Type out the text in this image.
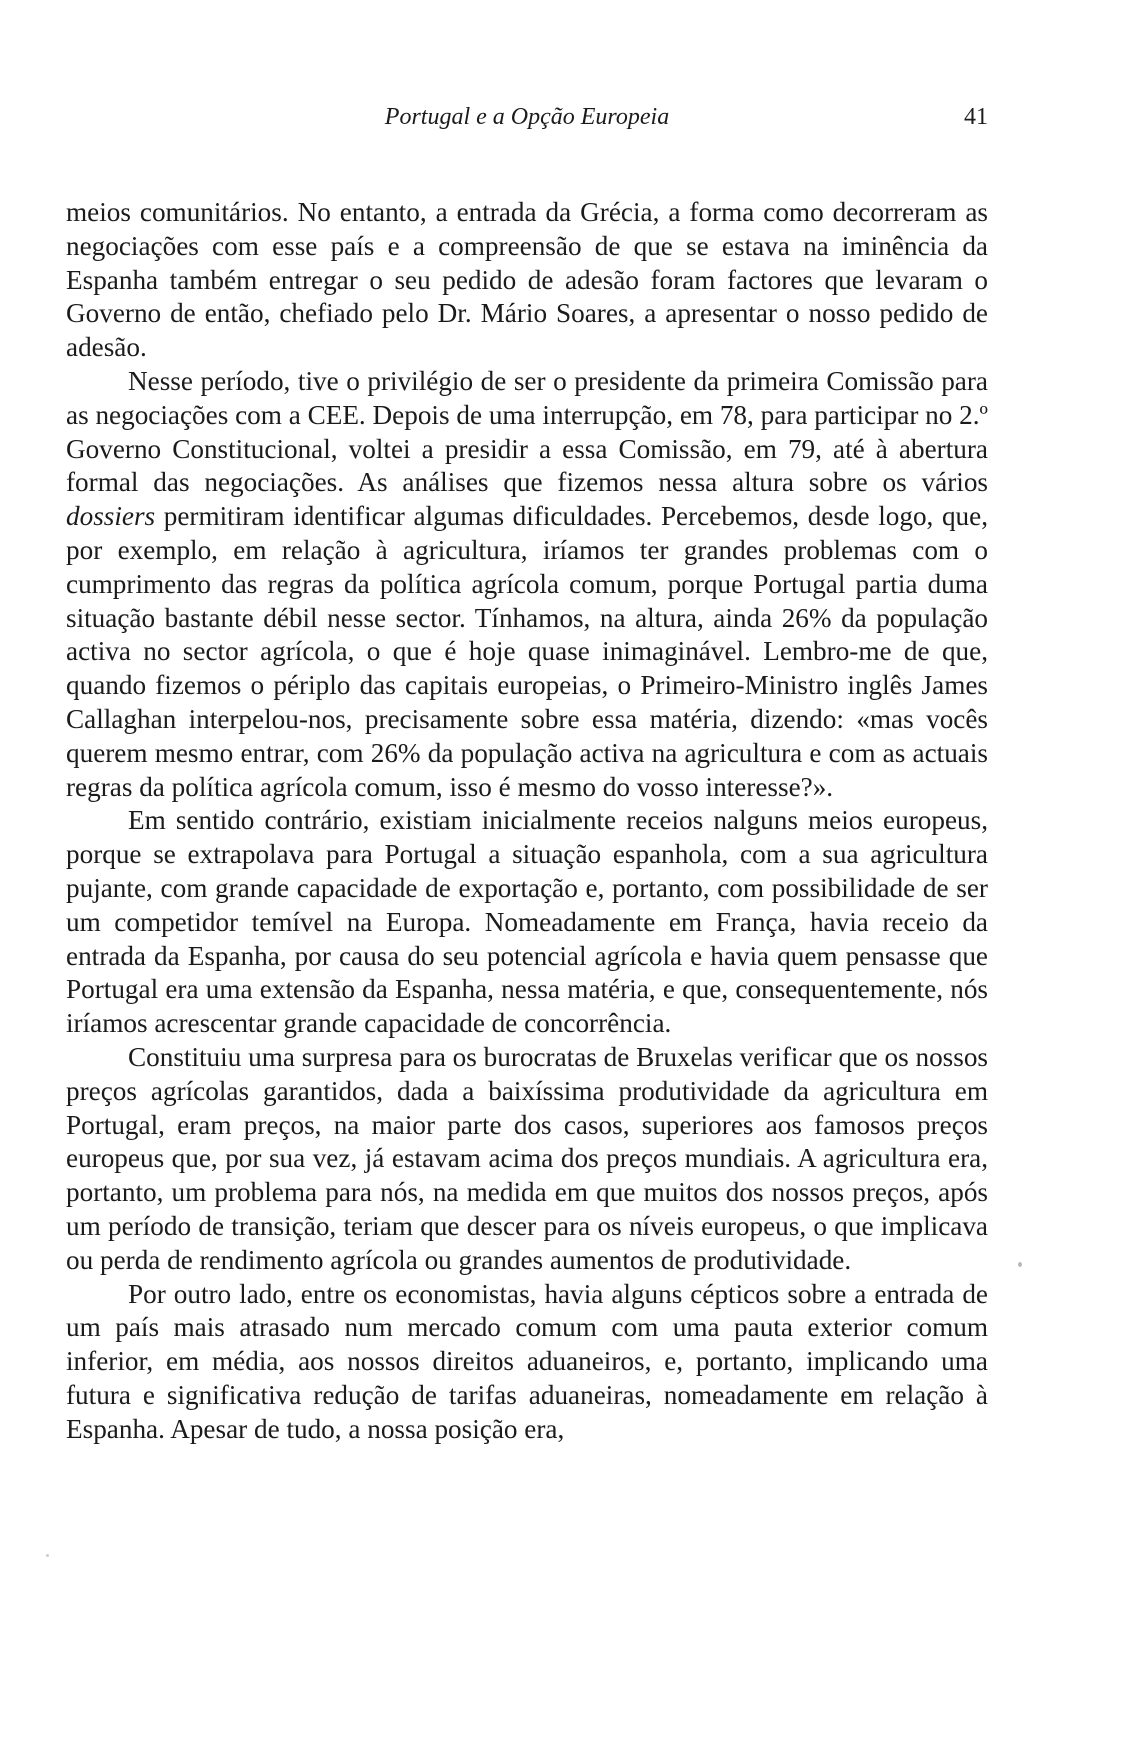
Portugal e a Opção Europeia	41

meios comunitários. No entanto, a entrada da Grécia, a forma como decorreram as negociações com esse país e a compreensão de que se estava na iminência da Espanha também entregar o seu pedido de adesão foram factores que levaram o Governo de então, chefiado pelo Dr. Mário Soares, a apresentar o nosso pedido de adesão.

Nesse período, tive o privilégio de ser o presidente da primeira Comissão para as negociações com a CEE. Depois de uma interrupção, em 78, para participar no 2.º Governo Constitucional, voltei a presidir a essa Comissão, em 79, até à abertura formal das negociações. As análises que fizemos nessa altura sobre os vários dossiers permitiram identificar algumas dificuldades. Percebemos, desde logo, que, por exemplo, em relação à agricultura, iríamos ter grandes problemas com o cumprimento das regras da política agrícola comum, porque Portugal partia duma situação bastante débil nesse sector. Tínhamos, na altura, ainda 26% da população activa no sector agrícola, o que é hoje quase inimaginável. Lembro-me de que, quando fizemos o périplo das capitais europeias, o Primeiro-Ministro inglês James Callaghan interpelou-nos, precisamente sobre essa matéria, dizendo: «mas vocês querem mesmo entrar, com 26% da população activa na agricultura e com as actuais regras da política agrícola comum, isso é mesmo do vosso interesse?».

Em sentido contrário, existiam inicialmente receios nalguns meios europeus, porque se extrapolava para Portugal a situação espanhola, com a sua agricultura pujante, com grande capacidade de exportação e, portanto, com possibilidade de ser um competidor temível na Europa. Nomeadamente em França, havia receio da entrada da Espanha, por causa do seu potencial agrícola e havia quem pensasse que Portugal era uma extensão da Espanha, nessa matéria, e que, consequentemente, nós iríamos acrescentar grande capacidade de concorrência.

Constituiu uma surpresa para os burocratas de Bruxelas verificar que os nossos preços agrícolas garantidos, dada a baixíssima produtividade da agricultura em Portugal, eram preços, na maior parte dos casos, superiores aos famosos preços europeus que, por sua vez, já estavam acima dos preços mundiais. A agricultura era, portanto, um problema para nós, na medida em que muitos dos nossos preços, após um período de transição, teriam que descer para os níveis europeus, o que implicava ou perda de rendimento agrícola ou grandes aumentos de produtividade.

Por outro lado, entre os economistas, havia alguns cépticos sobre a entrada de um país mais atrasado num mercado comum com uma pauta exterior comum inferior, em média, aos nossos direitos aduaneiros, e, portanto, implicando uma futura e significativa redução de tarifas aduaneiras, nomeadamente em relação à Espanha. Apesar de tudo, a nossa posição era,
